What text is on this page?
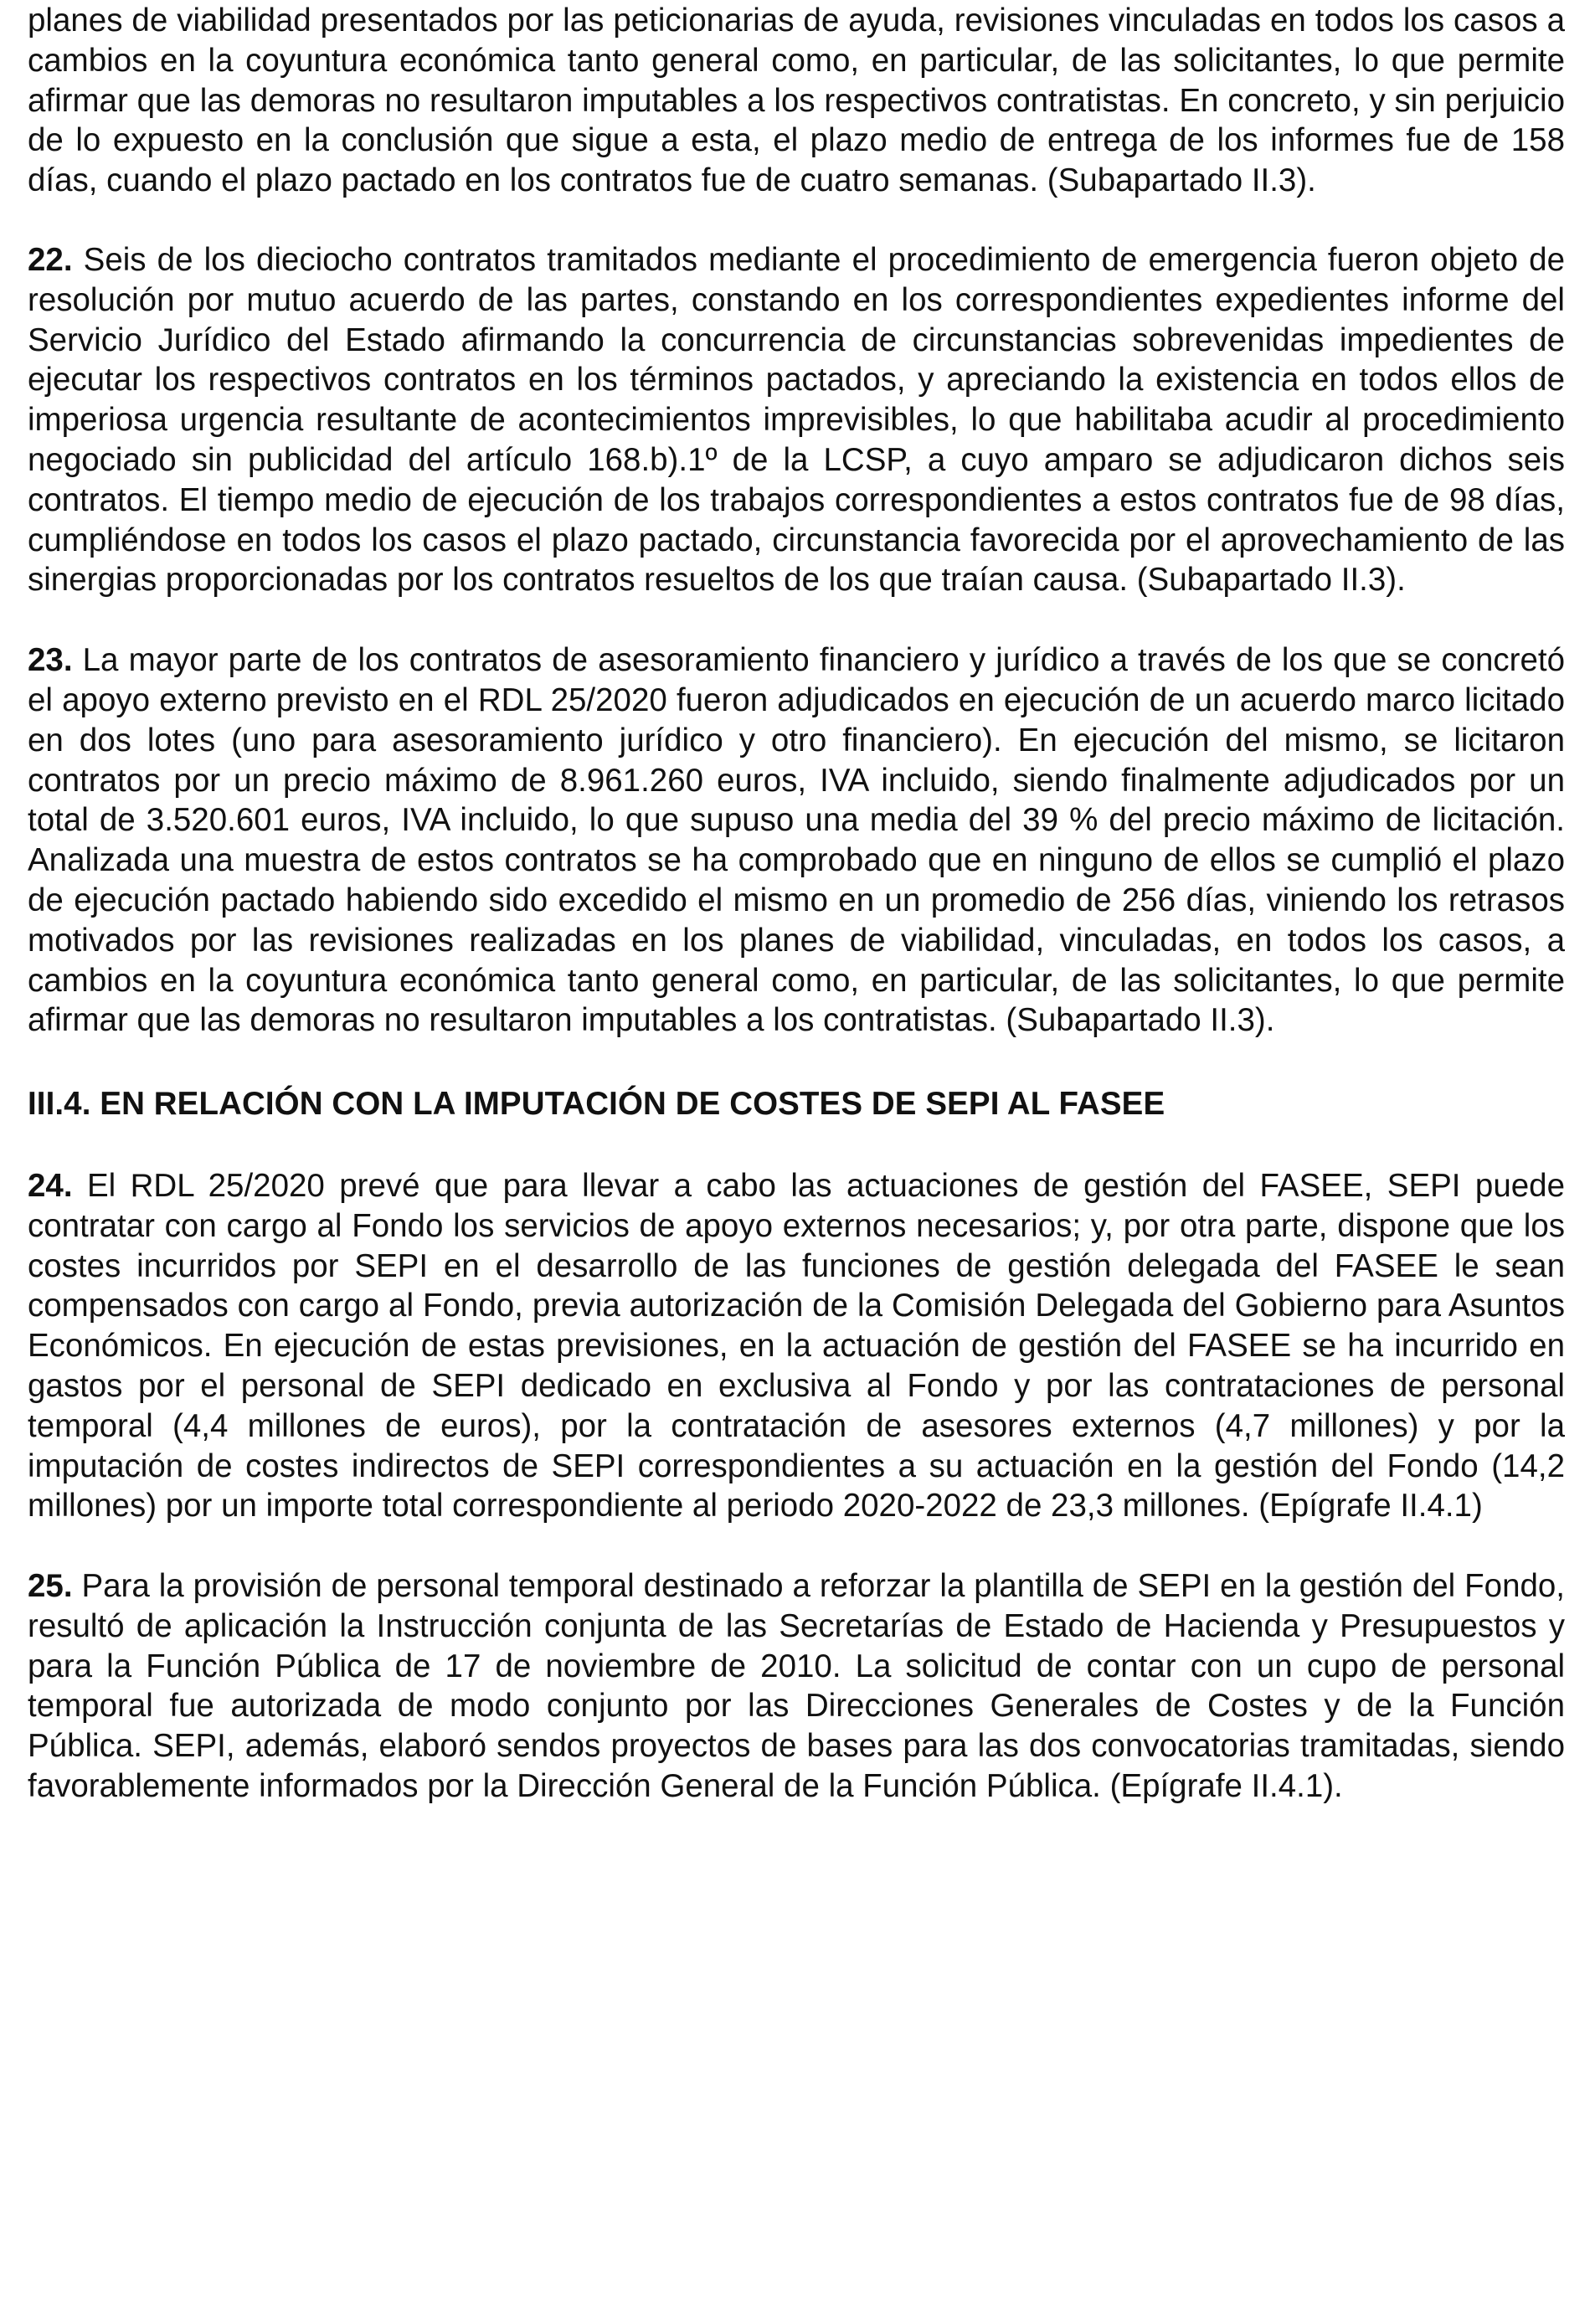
planes de viabilidad presentados por las peticionarias de ayuda, revisiones vinculadas en todos los casos a cambios en la coyuntura económica tanto general como, en particular, de las solicitantes, lo que permite afirmar que las demoras no resultaron imputables a los respectivos contratistas. En concreto, y sin perjuicio de lo expuesto en la conclusión que sigue a esta, el plazo medio de entrega de los informes fue de 158 días, cuando el plazo pactado en los contratos fue de cuatro semanas. (Subapartado II.3).

22. Seis de los dieciocho contratos tramitados mediante el procedimiento de emergencia fueron objeto de resolución por mutuo acuerdo de las partes, constando en los correspondientes expedientes informe del Servicio Jurídico del Estado afirmando la concurrencia de circunstancias sobrevenidas impedientes de ejecutar los respectivos contratos en los términos pactados, y apreciando la existencia en todos ellos de imperiosa urgencia resultante de acontecimientos imprevisibles, lo que habilitaba acudir al procedimiento negociado sin publicidad del artículo 168.b).1º de la LCSP, a cuyo amparo se adjudicaron dichos seis contratos. El tiempo medio de ejecución de los trabajos correspondientes a estos contratos fue de 98 días, cumpliéndose en todos los casos el plazo pactado, circunstancia favorecida por el aprovechamiento de las sinergias proporcionadas por los contratos resueltos de los que traían causa. (Subapartado II.3).

23. La mayor parte de los contratos de asesoramiento financiero y jurídico a través de los que se concretó el apoyo externo previsto en el RDL 25/2020 fueron adjudicados en ejecución de un acuerdo marco licitado en dos lotes (uno para asesoramiento jurídico y otro financiero). En ejecución del mismo, se licitaron contratos por un precio máximo de 8.961.260 euros, IVA incluido, siendo finalmente adjudicados por un total de 3.520.601 euros, IVA incluido, lo que supuso una media del 39 % del precio máximo de licitación. Analizada una muestra de estos contratos se ha comprobado que en ninguno de ellos se cumplió el plazo de ejecución pactado habiendo sido excedido el mismo en un promedio de 256 días, viniendo los retrasos motivados por las revisiones realizadas en los planes de viabilidad, vinculadas, en todos los casos, a cambios en la coyuntura económica tanto general como, en particular, de las solicitantes, lo que permite afirmar que las demoras no resultaron imputables a los contratistas. (Subapartado II.3).

III.4. EN RELACIÓN CON LA IMPUTACIÓN DE COSTES DE SEPI AL FASEE

24. El RDL 25/2020 prevé que para llevar a cabo las actuaciones de gestión del FASEE, SEPI puede contratar con cargo al Fondo los servicios de apoyo externos necesarios; y, por otra parte, dispone que los costes incurridos por SEPI en el desarrollo de las funciones de gestión delegada del FASEE le sean compensados con cargo al Fondo, previa autorización de la Comisión Delegada del Gobierno para Asuntos Económicos. En ejecución de estas previsiones, en la actuación de gestión del FASEE se ha incurrido en gastos por el personal de SEPI dedicado en exclusiva al Fondo y por las contrataciones de personal temporal (4,4 millones de euros), por la contratación de asesores externos (4,7 millones) y por la imputación de costes indirectos de SEPI correspondientes a su actuación en la gestión del Fondo (14,2 millones) por un importe total correspondiente al periodo 2020-2022 de 23,3 millones. (Epígrafe II.4.1)

25. Para la provisión de personal temporal destinado a reforzar la plantilla de SEPI en la gestión del Fondo, resultó de aplicación la Instrucción conjunta de las Secretarías de Estado de Hacienda y Presupuestos y para la Función Pública de 17 de noviembre de 2010. La solicitud de contar con un cupo de personal temporal fue autorizada de modo conjunto por las Direcciones Generales de Costes y de la Función Pública. SEPI, además, elaboró sendos proyectos de bases para las dos convocatorias tramitadas, siendo favorablemente informados por la Dirección General de la Función Pública. (Epígrafe II.4.1).
